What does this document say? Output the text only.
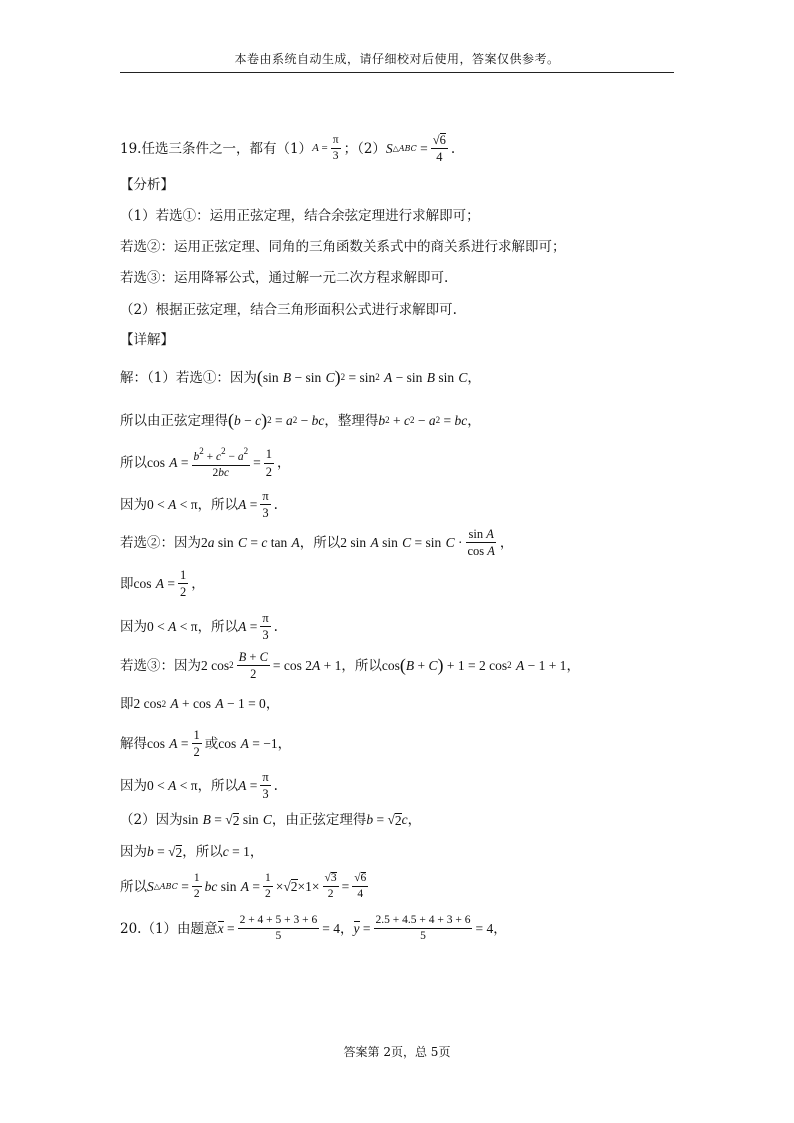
本卷由系统自动生成，请仔细校对后使用，答案仅供参考。
19.任选三条件之一，都有（1） $A = \frac{\pi}{3}$ ；（2） S △ABC = $\frac{√6}{4}$ .
【分析】
（1）若选①：运用正弦定理，结合余弦定理进行求解即可；
若选②：运用正弦定理、同角的三角函数关系式中的商关系进行求解即可；
若选③：运用降幂公式，通过解一元二次方程求解即可.
（2）根据正弦定理，结合三角形面积公式进行求解即可.
【详解】
解：（1）若选①：因为 ( sin
B − sin
C ) 2 = sin 2
A − sin
B sin
C ，
所以由正弦定理得 ( b − c ) 2 = a 2 − bc ，整理得 b 2 + c 2 − a 2 = bc ，
所以 cos
$A = \frac{b^2 + c^2 - a^2}{2bc} = \frac{1}{2}$ ，
因为 0 < A < π ，所以 $A = \frac{\pi}{3}$ .
若选②：因为 2 a sin
C = c tan
A ，所以 2 sin
A sin
C = sin
$C \cdot \frac{\text{sin A}}{\text{cos A}}$ ，
即 cos
$A = \frac{1}{2}$ ，
因为 0 < A < π ，所以 $A = \frac{\pi}{3}$ .
若选③：因为 2 $\cos 2 \frac{B + C}{2} = \cos 2$ A + 1 ，所以 cos ( B + C ) + 1 = 2 cos 2
A − 1 + 1 ，
即 2 cos 2
A + cos
A − 1 = 0 ，
解得 cos
$A = \frac{1}{2}$ 或 cos
A = −1 ，
因为 0 < A < π ，所以 $A = \frac{\pi}{3}$ .
（2）因为 sin
B = √ 2 sin
C ，由正弦定理得 b = √ 2 c ，
因为 b = √ 2 ，所以 c = 1 ，
所以 S △ABC = $\frac{1}{2}$ bc sin
$A = \frac{1}{2}$ ×√ $2 \times 1\times \frac{√3}{2} = \frac{√6}{4}$
20.（1）由题意 $x = \frac{2 + 4 + 5 + 3 + 6}{5} = 4$ ， $y = \frac{2.5 + 4.5 + 4 + 3 + 6}{5} = 4$ ，
答案第 2页，总 5页
